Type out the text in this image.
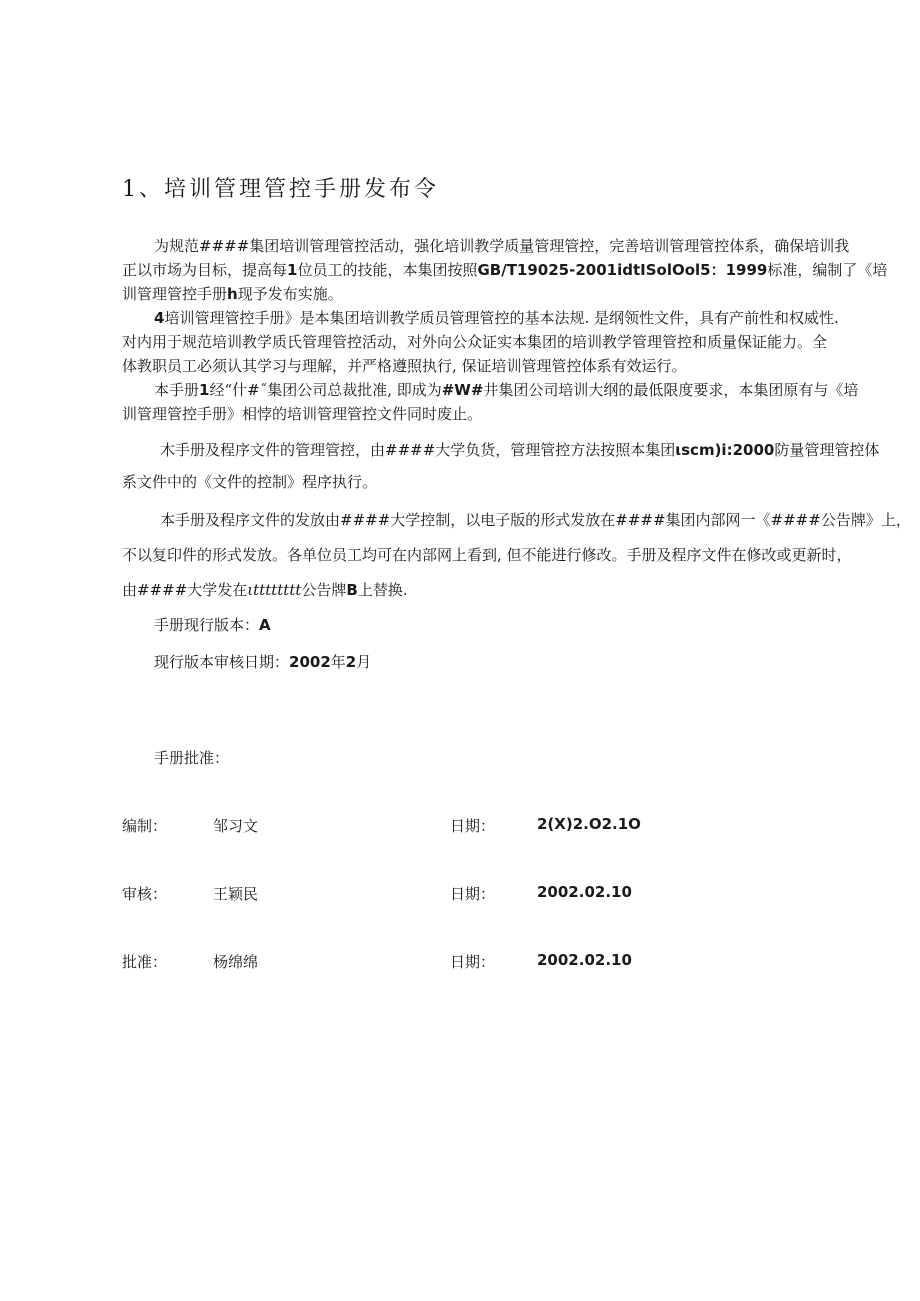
1、培训管理管控手册发布令

为规范####集团培训管理管控活动，强化培训教学质量管理管控，完善培训管理管控体系，确保培训我
正以市场为目标，提高每1位员工的技能，本集团按照GB/T19025-2001idtISolOol5：1999标准，编制了《培
训管理管控手册h现予发布实施。

4培训管理管控手册》是本集团培训教学质员管理管控的基本法规. 是纲领性文件，具有产前性和权威性.
对内用于规范培训教学质氏管理管控活动，对外向公众证实本集团的培训教学管理管控和质量保证能力。全
体教职员工必须认其学习与理解，并严格遵照执行, 保证培训管理管控体系有效运行。

本手册1经“什#˝集团公司总裁批准, 即成为#W#井集团公司培训大纲的最低限度要求，本集团原有与《培
训管理管控手册》相悖的培训管理管控文件同时废止。

木手册及程序文件的管理管控，由####大学负货，管理管控方法按照本集团ιscm)i:2000防量管理管控体
系文件中的《文件的控制》程序执行。

本手册及程序文件的发放由####大学控制，以电子版的形式发放在####集团内部网一《####公告牌》上，
不以复印件的形式发放。各单位员工均可在内部网上看到, 但不能进行修改。手册及程序文件在修改或更新时，
由####大学发在ιtttttttt公告牌B上替换.

手册现行版本：A

现行版本审核日期：2002年2月

手册批准：

编制：	邹习文	日期：	2(X)2.O2.1O
审核：	王颖民	日期：	2002.02.10
批准：	杨绵绵	日期：	2002.02.10
